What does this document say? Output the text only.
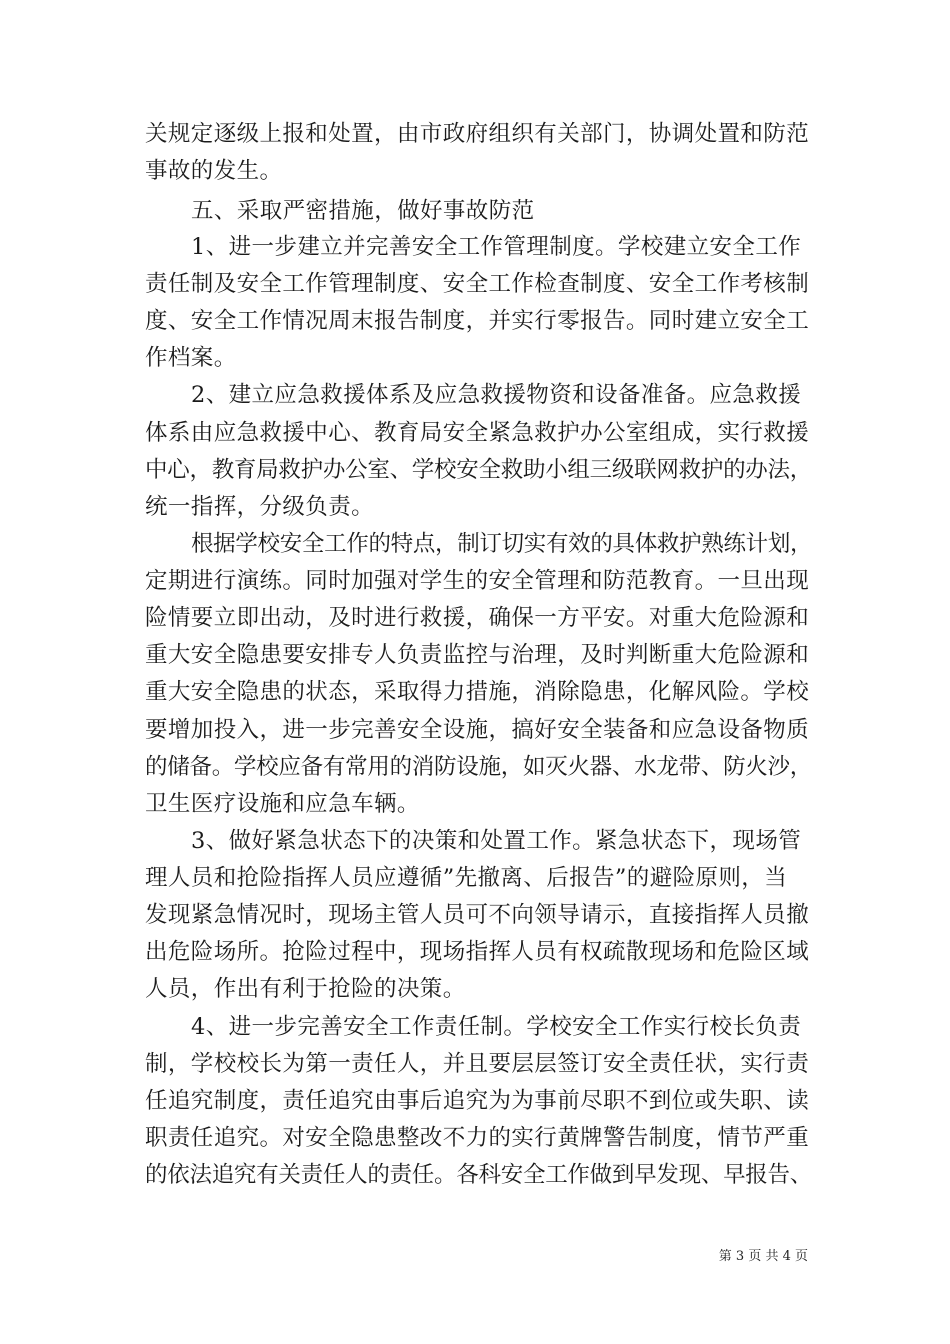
关规定逐级上报和处置，由市政府组织有关部门，协调处置和防范
事故的发生。
五、采取严密措施，做好事故防范
1、进一步建立并完善安全工作管理制度。学校建立安全工作
责任制及安全工作管理制度、安全工作检查制度、安全工作考核制
度、安全工作情况周末报告制度，并实行零报告。同时建立安全工
作档案。
2、建立应急救援体系及应急救援物资和设备准备。应急救援
体系由应急救援中心、教育局安全紧急救护办公室组成，实行救援
中心，教育局救护办公室、学校安全救助小组三级联网救护的办法，
统一指挥，分级负责。
根据学校安全工作的特点，制订切实有效的具体救护熟练计划，
定期进行演练。同时加强对学生的安全管理和防范教育。一旦出现
险情要立即出动，及时进行救援，确保一方平安。对重大危险源和
重大安全隐患要安排专人负责监控与治理，及时判断重大危险源和
重大安全隐患的状态，采取得力措施，消除隐患，化解风险。学校
要增加投入，进一步完善安全设施，搞好安全装备和应急设备物质
的储备。学校应备有常用的消防设施，如灭火器、水龙带、防火沙，
卫生医疗设施和应急车辆。
3、做好紧急状态下的决策和处置工作。紧急状态下，现场管
理人员和抢险指挥人员应遵循”先撤离、后报告”的避险原则，当
发现紧急情况时，现场主管人员可不向领导请示，直接指挥人员撤
出危险场所。抢险过程中，现场指挥人员有权疏散现场和危险区域
人员，作出有利于抢险的决策。
4、进一步完善安全工作责任制。学校安全工作实行校长负责
制，学校校长为第一责任人，并且要层层签订安全责任状，实行责
任追究制度，责任追究由事后追究为为事前尽职不到位或失职、读
职责任追究。对安全隐患整改不力的实行黄牌警告制度，情节严重
的依法追究有关责任人的责任。各科安全工作做到早发现、早报告、
第 3 页 共 4 页
